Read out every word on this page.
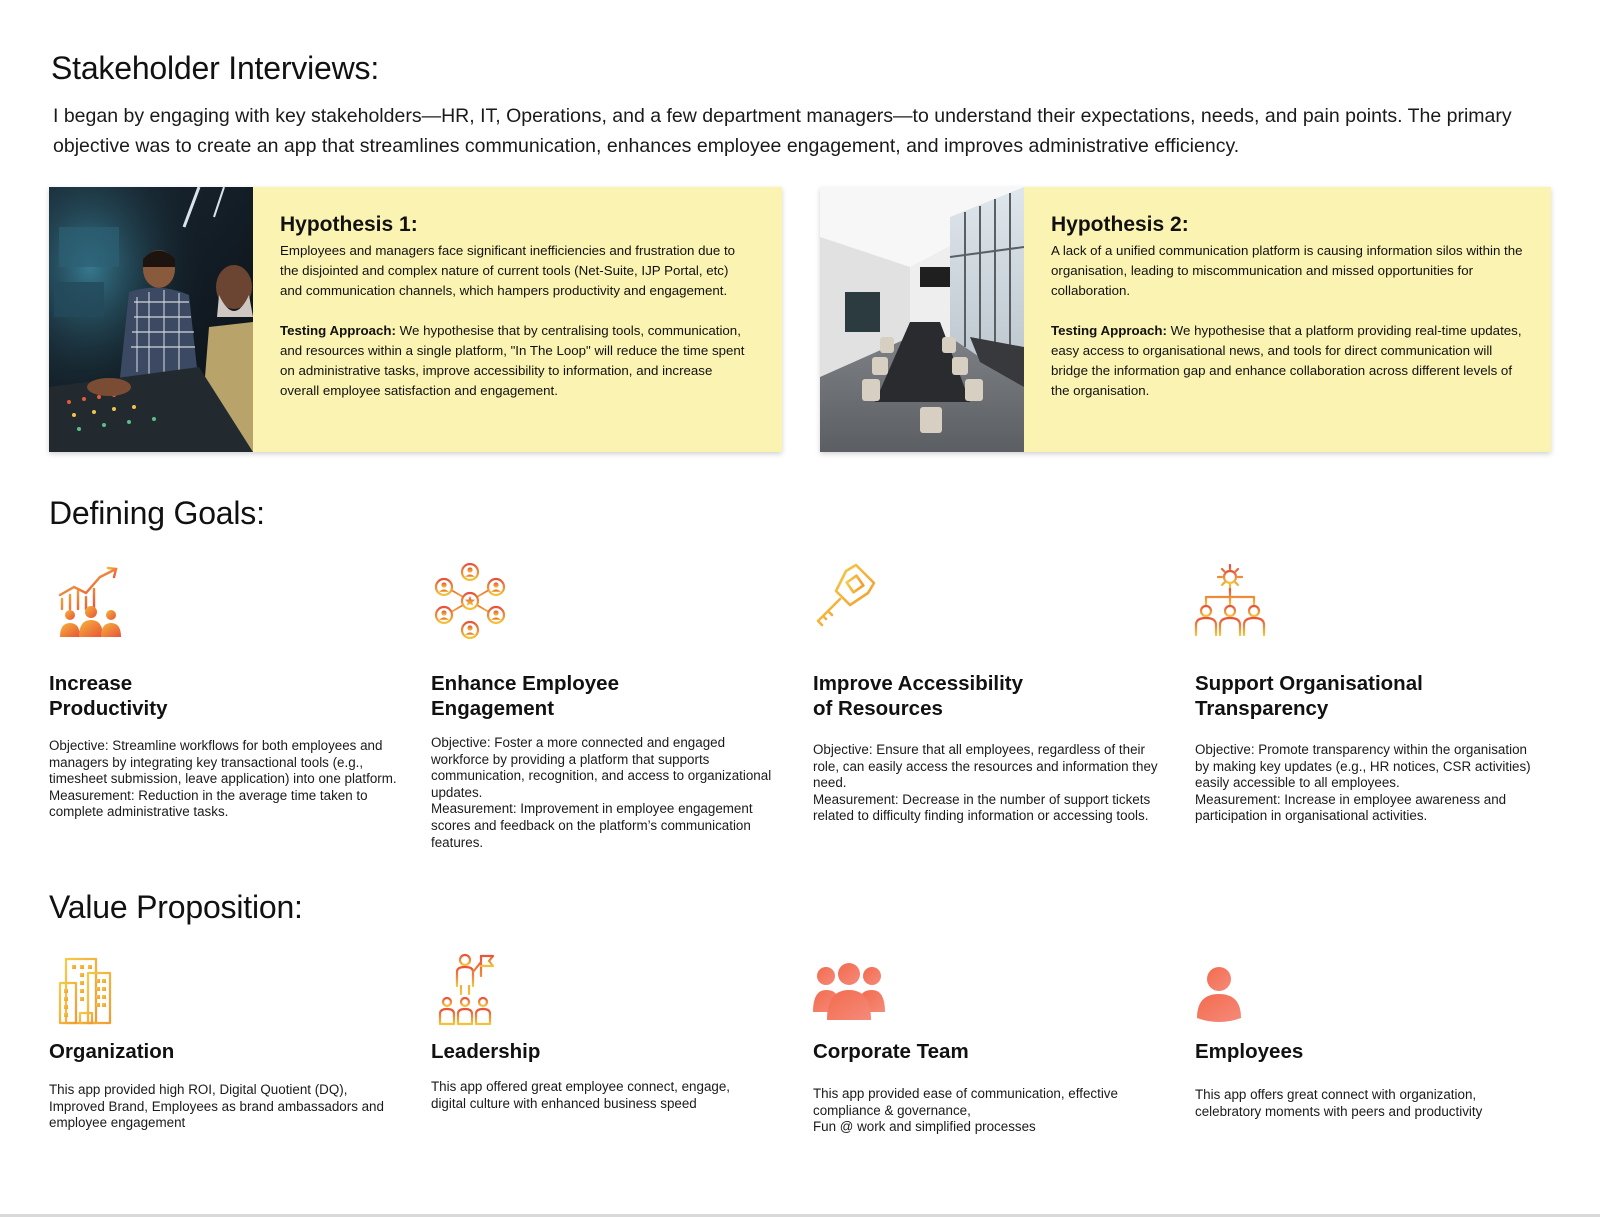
Stakeholder Interviews:

I began by engaging with key stakeholders—HR, IT, Operations, and a few department managers—to understand their expectations, needs, and pain points. The primary objective was to create an app that streamlines communication, enhances employee engagement, and improves administrative efficiency.

Hypothesis 1:

Employees and managers face significant inefficiencies and frustration due to the disjointed and complex nature of current tools (Net-Suite, IJP Portal, etc) and communication channels, which hampers productivity and engagement.

Testing Approach: We hypothesise that by centralising tools, communication, and resources within a single platform, "In The Loop" will reduce the time spent on administrative tasks, improve accessibility to information, and increase overall employee satisfaction and engagement.

Hypothesis 2:

A lack of a unified communication platform is causing information silos within the organisation, leading to miscommunication and missed opportunities for collaboration.

Testing Approach: We hypothesise that a platform providing real-time updates, easy access to organisational news, and tools for direct communication will bridge the information gap and enhance collaboration across different levels of the organisation.

Defining Goals:
Increase
Productivity
Objective: Streamline workflows for both employees and managers by integrating key transactional tools (e.g., timesheet submission, leave application) into one platform.
Measurement: Reduction in the average time taken to complete administrative tasks.
Enhance Employee
Engagement
Objective: Foster a more connected and engaged workforce by providing a platform that supports communication, recognition, and access to organizational updates.
Measurement: Improvement in employee engagement scores and feedback on the platform’s communication features.
Improve Accessibility
of Resources
Objective: Ensure that all employees, regardless of their role, can easily access the resources and information they need.
Measurement: Decrease in the number of support tickets related to difficulty finding information or accessing tools.
Support Organisational
Transparency
Objective: Promote transparency within the organisation by making key updates (e.g., HR notices, CSR activities) easily accessible to all employees.
Measurement: Increase in employee awareness and participation in organisational activities.
Value Proposition:
Organization
This app provided high ROI, Digital Quotient (DQ), Improved Brand, Employees as brand ambassadors and employee engagement
Leadership
This app offered great employee connect, engage, digital culture with enhanced business speed
Corporate Team
This app provided ease of communication, effective compliance & governance,
Fun @ work and simplified processes
Employees
This app offers great connect with organization, celebratory moments with peers and productivity
